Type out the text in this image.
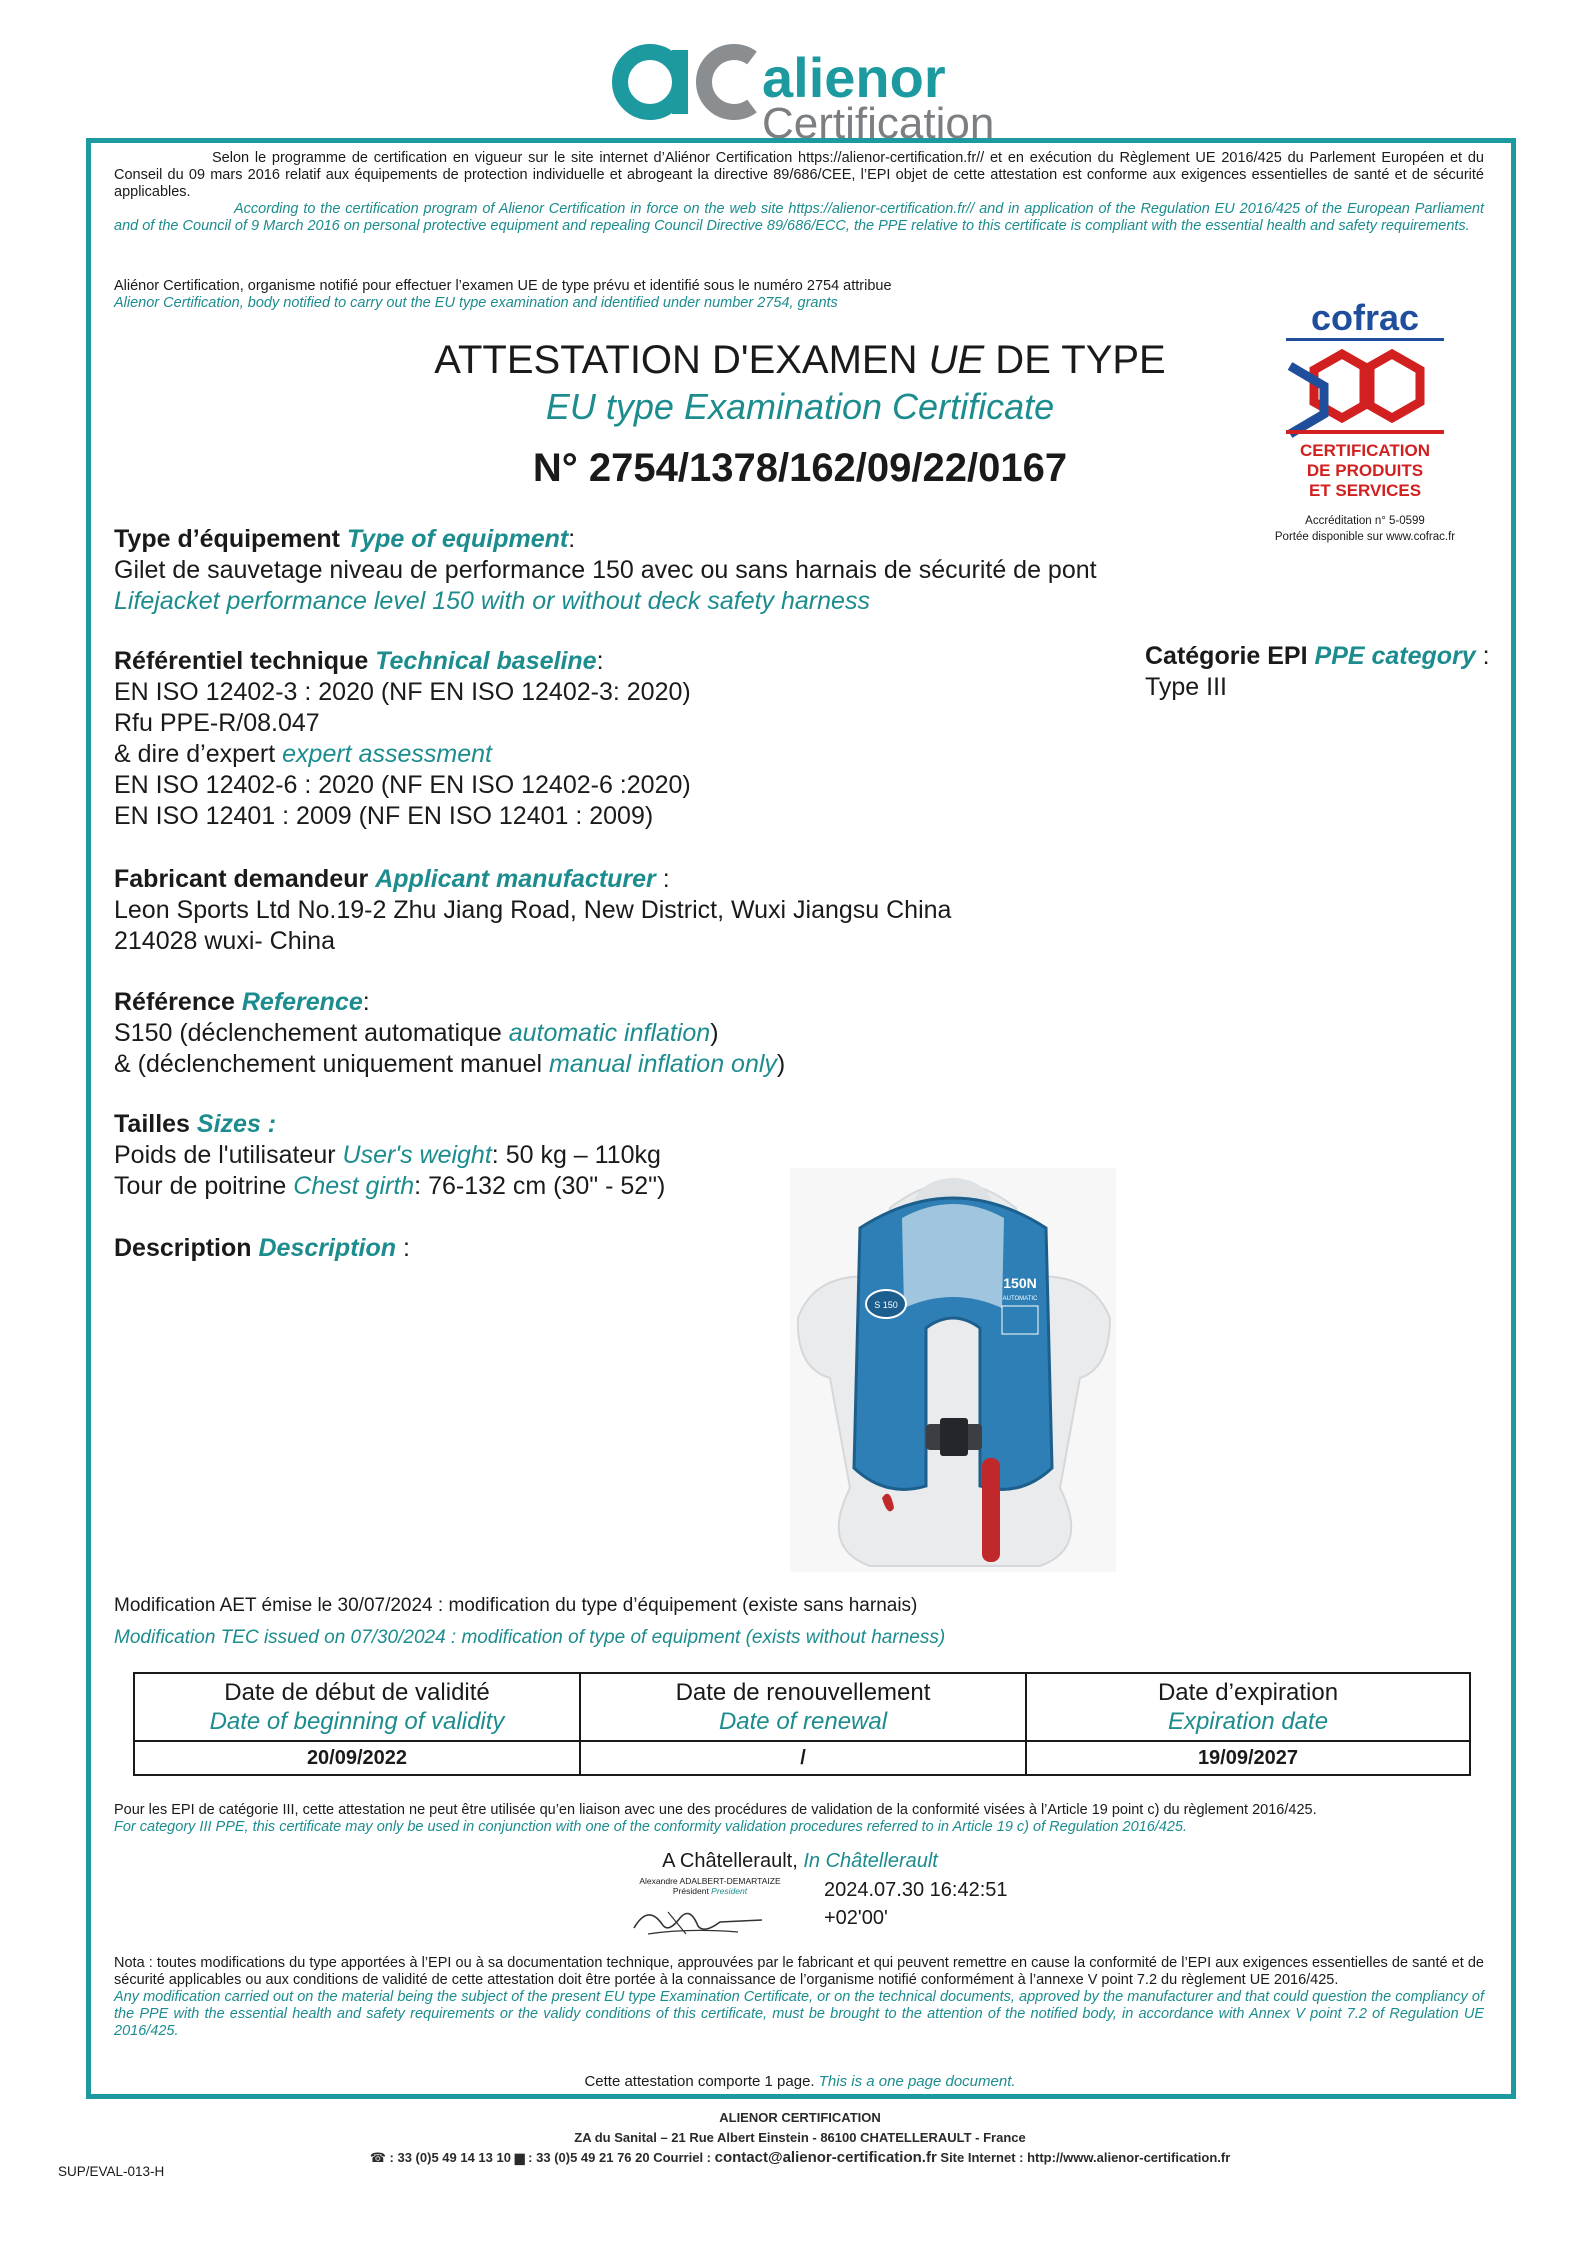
alienor
Certification

Selon le programme de certification en vigueur sur le site internet d’Aliénor Certification https://alienor-certification.fr// et en exécution du Règlement UE 2016/425 du Parlement Européen et du Conseil du 09 mars 2016 relatif aux équipements de protection individuelle et abrogeant la directive 89/686/CEE, l’EPI objet de cette attestation est conforme aux exigences essentielles de santé et de sécurité applicables.

According to the certification program of Alienor Certification in force on the web site https://alienor-certification.fr// and in application of the Regulation EU 2016/425 of the European Parliament and of the Council of 9 March 2016 on personal protective equipment and repealing Council Directive 89/686/ECC, the PPE relative to this certificate is compliant with the essential health and safety requirements.

Aliénor Certification, organisme notifié pour effectuer l’examen UE de type prévu et identifié sous le numéro 2754 attribue

Alienor Certification, body notified to carry out the EU type examination and identified under number 2754, grants	cofrac
CERTIFICATION
DE PRODUITS
ET SERVICES
Accréditation n° 5-0599
Portée disponible sur www.cofrac.fr
ATTESTATION D'EXAMEN UE DE TYPE
EU type Examination Certificate
N° 2754/1378/162/09/22/0167
Type d’équipement Type of equipment:
Gilet de sauvetage niveau de performance 150 avec ou sans harnais de sécurité de pont
Lifejacket performance level 150 with or without deck safety harness
Référentiel technique Technical baseline:
EN ISO 12402-3 : 2020 (NF EN ISO 12402-3: 2020)
Rfu PPE-R/08.047
& dire d’expert expert assessment
EN ISO 12402-6 : 2020 (NF EN ISO 12402-6 :2020)
EN ISO 12401 : 2009 (NF EN ISO 12401 : 2009)
Catégorie EPI PPE category :
Type III
Fabricant demandeur Applicant manufacturer :
Leon Sports Ltd No.19-2 Zhu Jiang Road, New District, Wuxi Jiangsu China
214028 wuxi- China
Référence Reference:
S150 (déclenchement automatique automatic inflation)
& (déclenchement uniquement manuel manual inflation only)
Tailles Sizes :
Poids de l'utilisateur User's weight: 50 kg – 110kg
Tour de poitrine Chest girth: 76-132 cm (30" - 52")
Description Description :
S 150
150N
AUTOMATIC
Modification AET émise le 30/07/2024 : modification du type d’équipement (existe sans harnais)
Modification TEC issued on 07/30/2024 : modification of type of equipment (exists without harness)
Date de début de validité
Date of beginning of validity
20/09/2022
Date de renouvellement
Date of renewal
/
Date d’expiration
Expiration date
19/09/2027

Pour les EPI de catégorie III, cette attestation ne peut être utilisée qu’en liaison avec une des procédures de validation de la conformité visées à l’Article 19 point c) du règlement 2016/425.

For category III PPE, this certificate may only be used in conjunction with one of the conformity validation procedures referred to in Article 19 c) of Regulation 2016/425.

A Châtellerault, In Châtellerault
Alexandre ADALBERT-DEMARTAIZE
Président President	2024.07.30 16:42:51
+02'00'

Nota : toutes modifications du type apportées à l’EPI ou à sa documentation technique, approuvées par le fabricant et qui peuvent remettre en cause la conformité de l’EPI aux exigences essentielles de santé et de sécurité applicables ou aux conditions de validité de cette attestation doit être portée à la connaissance de l’organisme notifié conformément à l’annexe V point 7.2 du règlement UE 2016/425.

Any modification carried out on the material being the subject of the present EU type Examination Certificate, or on the technical documents, approved by the manufacturer and that could question the compliancy of the PPE with the essential health and safety requirements or the validy conditions of this certificate, must be brought to the attention of the notified body, in accordance with Annex V point 7.2 of Regulation UE 2016/425.

Cette attestation comporte 1 page. This is a one page document.
ALIENOR CERTIFICATION
ZA du Sanital – 21 Rue Albert Einstein - 86100 CHATELLERAULT - France
☎ : 33 (0)5 49 14 13 10 ▆ : 33 (0)5 49 21 76 20 Courriel : contact@alienor-certification.fr Site Internet : http://www.alienor-certification.fr
SUP/EVAL-013-H
